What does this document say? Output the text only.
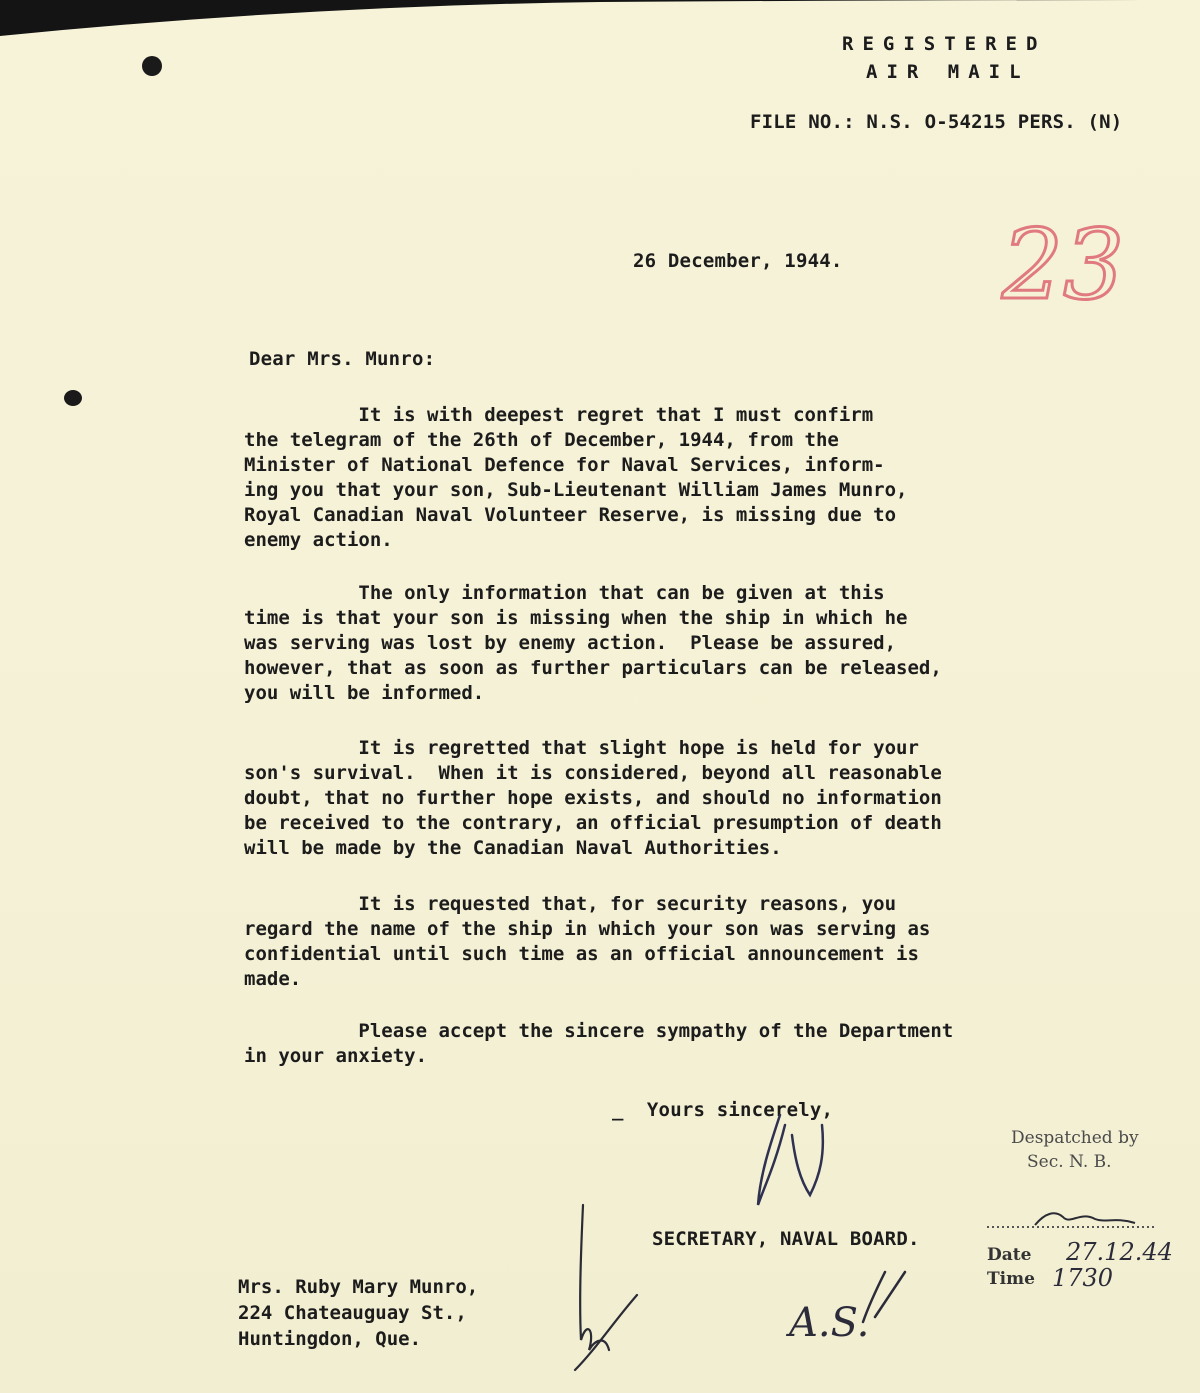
REGISTERED
AIR MAIL
FILE NO.: N.S. O-54215 PERS. (N)
26 December, 1944. 23
Dear Mrs. Munro:
It is with deepest regret that I must confirm
the telegram of the 26th of December, 1944, from the
Minister of National Defence for Naval Services, inform-
ing you that your son, Sub-Lieutenant William James Munro,
Royal Canadian Naval Volunteer Reserve, is missing due to
enemy action.
The only information that can be given at this
time is that your son is missing when the ship in which he
was serving was lost by enemy action.  Please be assured,
however, that as soon as further particulars can be released,
you will be informed.
It is regretted that slight hope is held for your
son's survival.  When it is considered, beyond all reasonable
doubt, that no further hope exists, and should no information
be received to the contrary, an official presumption of death
will be made by the Canadian Naval Authorities.
It is requested that, for security reasons, you
regard the name of the ship in which your son was serving as
confidential until such time as an official announcement is
made.
Please accept the sincere sympathy of the Department
in your anxiety.
_  Yours sincerely,
SECRETARY, NAVAL BOARD.
Mrs. Ruby Mary Munro,
224 Chateauguay St.,
Huntingdon, Que.	A.S.
Despatched by
Sec. N. B.
Date 27.12.44
Time 1730
